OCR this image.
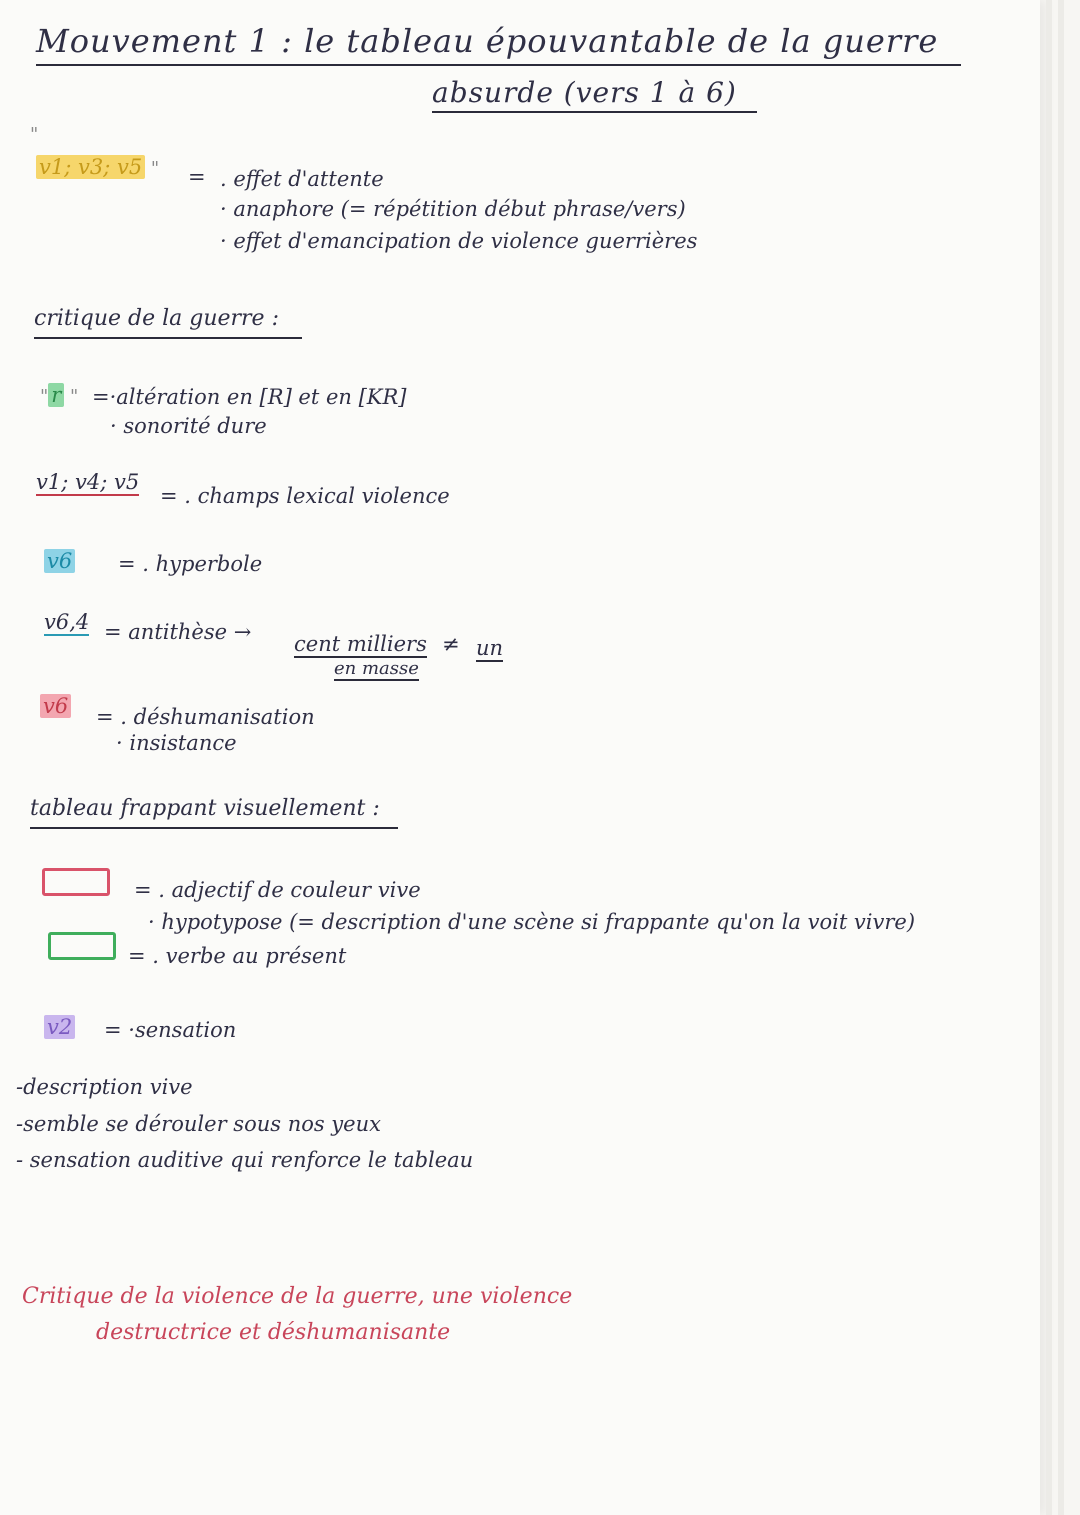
Mouvement 1 : le tableau épouvantable de la guerre
absurde (vers 1 à 6)
"
v1; v3; v5 " = . effet d'attente
· anaphore (= répétition début phrase/vers)
· effet d'emancipation de violence guerrières
critique de la guerre :
" r " =·altération en [R] et en [KR]
· sonorité dure
v1; v4; v5
= . champs lexical violence
v6 = . hyperbole
v6,4 = antithèse → cent milliers ≠ un
en masse
v6 = . déshumanisation
· insistance
tableau frappant visuellement :
= . adjectif de couleur vive
· hypotypose (= description d'une scène si frappante qu'on la voit vivre)
= . verbe au présent
v2 = ·sensation
-description vive
-semble se dérouler sous nos yeux
- sensation auditive qui renforce le tableau
Critique de la violence de la guerre, une violence
destructrice et déshumanisante
